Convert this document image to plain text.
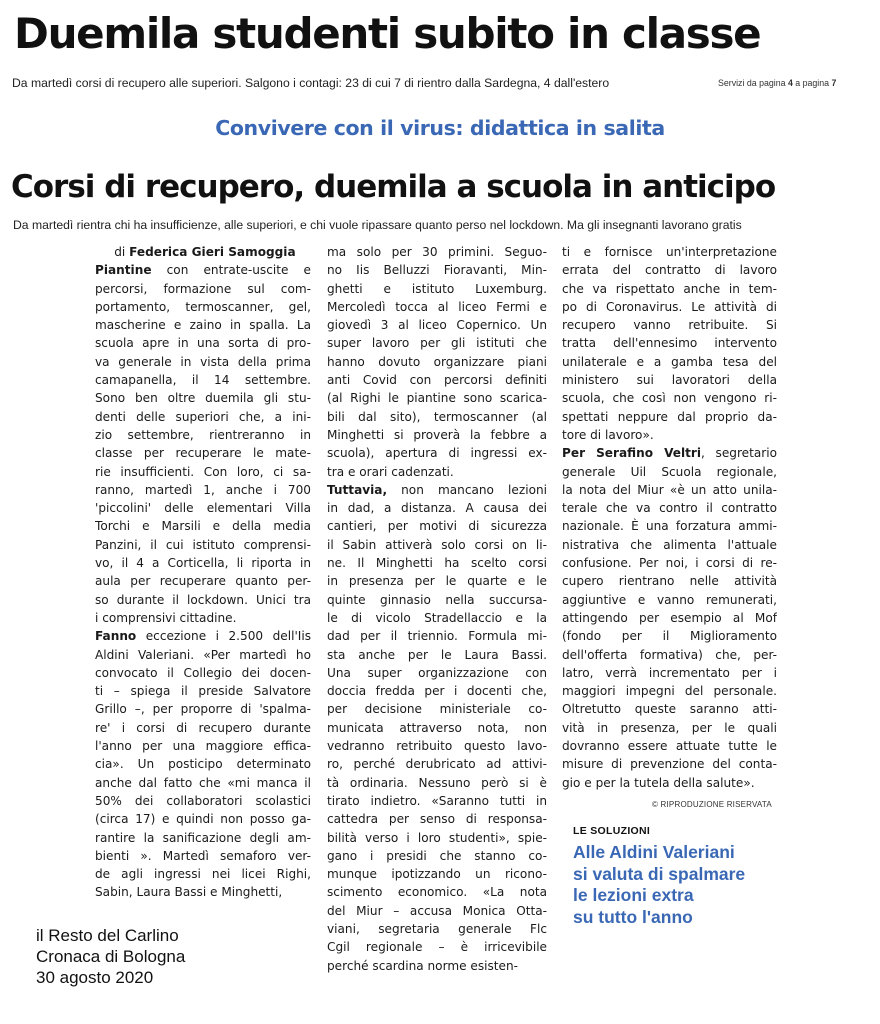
Duemila studenti subito in classe
Da martedì corsi di recupero alle superiori. Salgono i contagi: 23 di cui 7 di rientro dalla Sardegna, 4 dall'estero	Servizi da pagina 4 a pagina 7
Convivere con il virus: didattica in salita
Corsi di recupero, duemila a scuola in anticipo
Da martedì rientra chi ha insufficienze, alle superiori, e chi vuole ripassare quanto perso nel lockdown. Ma gli insegnanti lavorano gratis
di Federica Gieri Samoggia
Piantine con entrate-uscite e
percorsi, formazione sul com-
portamento, termoscanner, gel,
mascherine e zaino in spalla. La
scuola apre in una sorta di pro-
va generale in vista della prima
camapanella, il 14 settembre.
Sono ben oltre duemila gli stu-
denti delle superiori che, a ini-
zio settembre, rientreranno in
classe per recuperare le mate-
rie insufficienti. Con loro, ci sa-
ranno, martedì 1, anche i 700
'piccolini' delle elementari Villa
Torchi e Marsili e della media
Panzini, il cui istituto comprensi-
vo, il 4 a Corticella, li riporta in
aula per recuperare quanto per-
so durante il lockdown. Unici tra
i comprensivi cittadine.
Fanno eccezione i 2.500 dell'Iis
Aldini Valeriani. «Per martedì ho
convocato il Collegio dei docen-
ti – spiega il preside Salvatore
Grillo –, per proporre di 'spalma-
re' i corsi di recupero durante
l'anno per una maggiore effica-
cia». Un posticipo determinato
anche dal fatto che «mi manca il
50% dei collaboratori scolastici
(circa 17) e quindi non posso ga-
rantire la sanificazione degli am-
bienti ». Martedì semaforo ver-
de agli ingressi nei licei Righi,
Sabin, Laura Bassi e Minghetti,
ma solo per 30 primini. Seguo-
no Iis Belluzzi Fioravanti, Min-
ghetti e istituto Luxemburg.
Mercoledì tocca al liceo Fermi e
giovedì 3 al liceo Copernico. Un
super lavoro per gli istituti che
hanno dovuto organizzare piani
anti Covid con percorsi definiti
(al Righi le piantine sono scarica-
bili dal sito), termoscanner (al
Minghetti si proverà la febbre a
scuola), apertura di ingressi ex-
tra e orari cadenzati.
Tuttavia, non mancano lezioni
in dad, a distanza. A causa dei
cantieri, per motivi di sicurezza
il Sabin attiverà solo corsi on li-
ne. Il Minghetti ha scelto corsi
in presenza per le quarte e le
quinte ginnasio nella succursa-
le di vicolo Stradellaccio e la
dad per il triennio. Formula mi-
sta anche per le Laura Bassi.
Una super organizzazione con
doccia fredda per i docenti che,
per decisione ministeriale co-
municata attraverso nota, non
vedranno retribuito questo lavo-
ro, perché derubricato ad attivi-
tà ordinaria. Nessuno però si è
tirato indietro. «Saranno tutti in
cattedra per senso di responsa-
bilità verso i loro studenti», spie-
gano i presidi che stanno co-
munque ipotizzando un ricono-
scimento economico. «La nota
del Miur – accusa Monica Otta-
viani, segretaria generale Flc
Cgil regionale – è irricevibile
perché scardina norme esisten-
ti e fornisce un'interpretazione
errata del contratto di lavoro
che va rispettato anche in tem-
po di Coronavirus. Le attività di
recupero vanno retribuite. Si
tratta dell'ennesimo intervento
unilaterale e a gamba tesa del
ministero sui lavoratori della
scuola, che così non vengono ri-
spettati neppure dal proprio da-
tore di lavoro».
Per Serafino Veltri, segretario
generale Uil Scuola regionale,
la nota del Miur «è un atto unila-
terale che va contro il contratto
nazionale. È una forzatura ammi-
nistrativa che alimenta l'attuale
confusione. Per noi, i corsi di re-
cupero rientrano nelle attività
aggiuntive e vanno remunerati,
attingendo per esempio al Mof
(fondo per il Miglioramento
dell'offerta formativa) che, per-
latro, verrà incrementato per i
maggiori impegni del personale.
Oltretutto queste saranno atti-
vità in presenza, per le quali
dovranno essere attuate tutte le
misure di prevenzione del conta-
gio e per la tutela della salute».
© RIPRODUZIONE RISERVATA
LE SOLUZIONI
Alle Aldini Valeriani
si valuta di spalmare
le lezioni extra
su tutto l'anno
il Resto del Carlino
Cronaca di Bologna
30 agosto 2020
